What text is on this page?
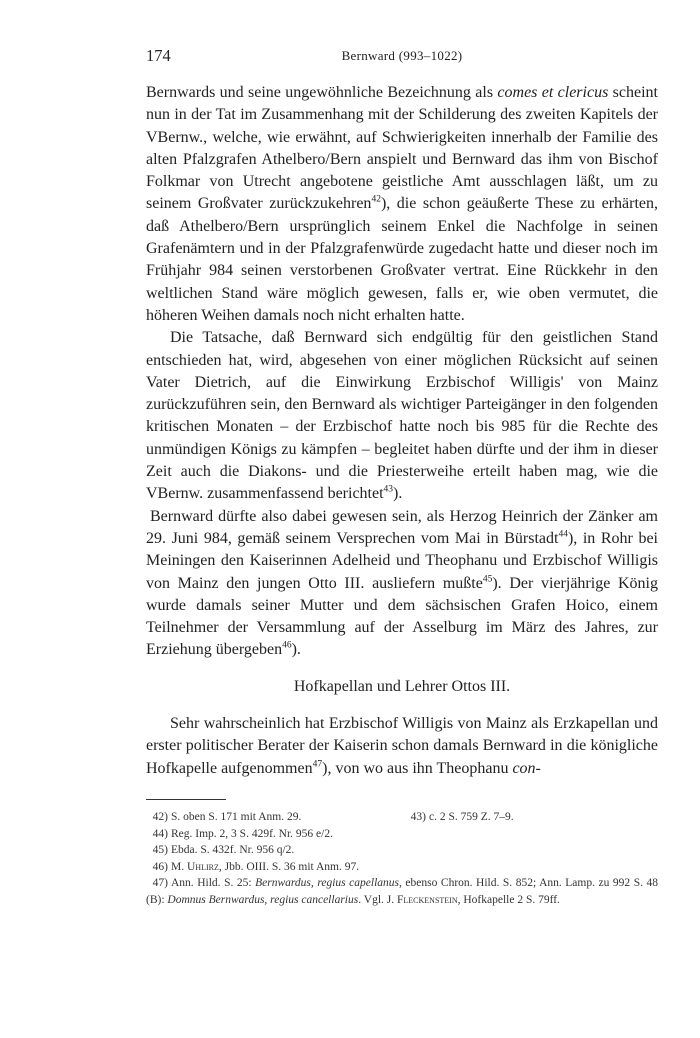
174	Bernward (993–1022)

Bernwards und seine ungewöhnliche Bezeichnung als comes et clericus scheint nun in der Tat im Zusammenhang mit der Schilderung des zweiten Kapitels der VBernw., welche, wie erwähnt, auf Schwierigkeiten innerhalb der Familie des alten Pfalzgrafen Athelbero/Bern anspielt und Bernward das ihm von Bischof Folkmar von Utrecht angebotene geistliche Amt ausschlagen läßt, um zu seinem Großvater zurückzukehren$^{42}$), die schon geäußerte These zu erhärten, daß Athelbero/Bern ursprünglich seinem Enkel die Nachfolge in seinen Grafenämtern und in der Pfalzgrafenwürde zugedacht hatte und dieser noch im Frühjahr 984 seinen verstorbenen Großvater vertrat. Eine Rückkehr in den weltlichen Stand wäre möglich gewesen, falls er, wie oben vermutet, die höheren Weihen damals noch nicht erhalten hatte.

Die Tatsache, daß Bernward sich endgültig für den geistlichen Stand entschieden hat, wird, abgesehen von einer möglichen Rücksicht auf seinen Vater Dietrich, auf die Einwirkung Erzbischof Willigis' von Mainz zurückzuführen sein, den Bernward als wichtiger Parteigänger in den folgenden kritischen Monaten – der Erzbischof hatte noch bis 985 für die Rechte des unmündigen Königs zu kämpfen – begleitet haben dürfte und der ihm in dieser Zeit auch die Diakons- und die Priesterweihe erteilt haben mag, wie die VBernw. zusammenfassend berichtet$^{43}$).

Bernward dürfte also dabei gewesen sein, als Herzog Heinrich der Zänker am 29. Juni 984, gemäß seinem Versprechen vom Mai in Bürstadt$^{44}$), in Rohr bei Meiningen den Kaiserinnen Adelheid und Theophanu und Erzbischof Willigis von Mainz den jungen Otto III. ausliefern mußte$^{45}$). Der vierjährige König wurde damals seiner Mutter und dem sächsischen Grafen Hoico, einem Teilnehmer der Versammlung auf der Asselburg im März des Jahres, zur Erziehung übergeben$^{46}$).

Hofkapellan und Lehrer Ottos III.

Sehr wahrscheinlich hat Erzbischof Willigis von Mainz als Erzkapellan und erster politischer Berater der Kaiserin schon damals Bernward in die königliche Hofkapelle aufgenommen$^{47}$), von wo aus ihn Theophanu con-

42) S. oben S. 171 mit Anm. 29.	43) c. 2 S. 759 Z. 7–9.

44) Reg. Imp. 2, 3 S. 429f. Nr. 956 e/2.

45) Ebda. S. 432f. Nr. 956 q/2.

46) M. Uhlirz, Jbb. OIII. S. 36 mit Anm. 97.

47) Ann. Hild. S. 25: Bernwardus, regius capellanus, ebenso Chron. Hild. S. 852; Ann. Lamp. zu 992 S. 48 (B): Domnus Bernwardus, regius cancellarius. Vgl. J. Fleckenstein, Hofkapelle 2 S. 79ff.
